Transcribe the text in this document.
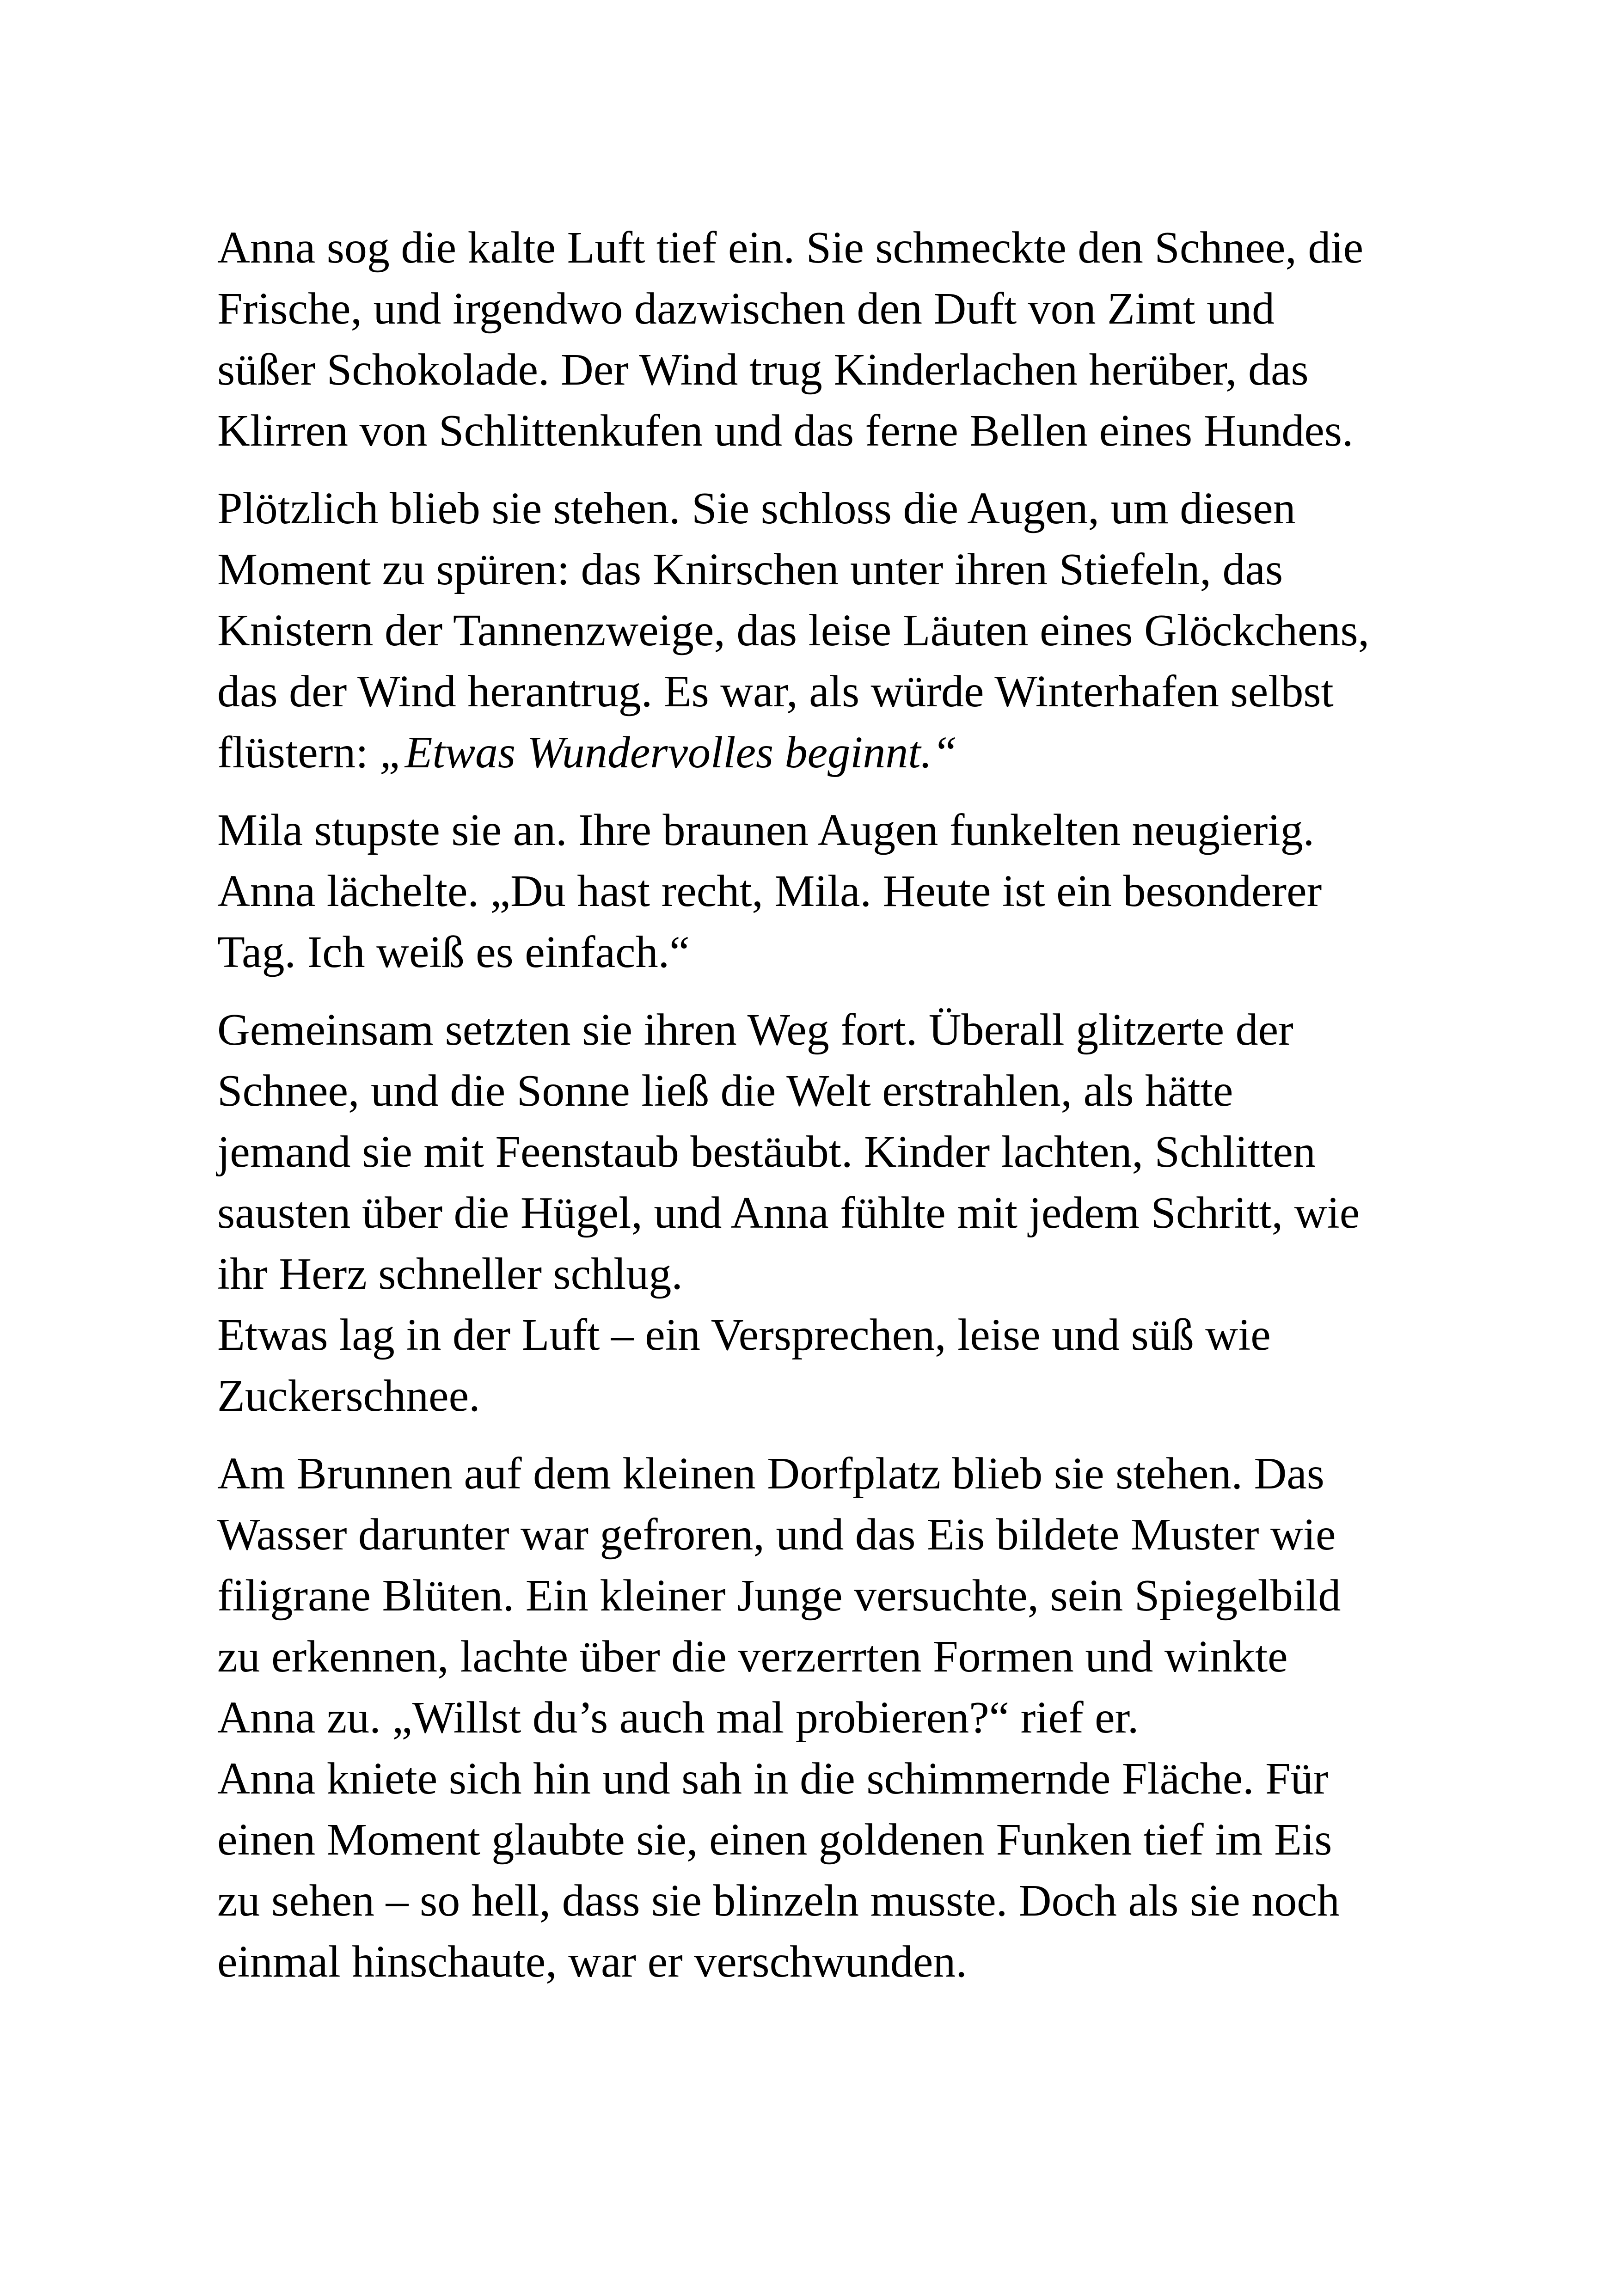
Anna sog die kalte Luft tief ein. Sie schmeckte den Schnee, die
Frische, und irgendwo dazwischen den Duft von Zimt und
süßer Schokolade. Der Wind trug Kinderlachen herüber, das
Klirren von Schlittenkufen und das ferne Bellen eines Hundes.

Plötzlich blieb sie stehen. Sie schloss die Augen, um diesen
Moment zu spüren: das Knirschen unter ihren Stiefeln, das
Knistern der Tannenzweige, das leise Läuten eines Glöckchens,
das der Wind herantrug. Es war, als würde Winterhafen selbst
flüstern: „Etwas Wundervolles beginnt.“

Mila stupste sie an. Ihre braunen Augen funkelten neugierig.
Anna lächelte. „Du hast recht, Mila. Heute ist ein besonderer
Tag. Ich weiß es einfach.“

Gemeinsam setzten sie ihren Weg fort. Überall glitzerte der
Schnee, und die Sonne ließ die Welt erstrahlen, als hätte
jemand sie mit Feenstaub bestäubt. Kinder lachten, Schlitten
sausten über die Hügel, und Anna fühlte mit jedem Schritt, wie
ihr Herz schneller schlug.
Etwas lag in der Luft – ein Versprechen, leise und süß wie
Zuckerschnee.

Am Brunnen auf dem kleinen Dorfplatz blieb sie stehen. Das
Wasser darunter war gefroren, und das Eis bildete Muster wie
filigrane Blüten. Ein kleiner Junge versuchte, sein Spiegelbild
zu erkennen, lachte über die verzerrten Formen und winkte
Anna zu. „Willst du’s auch mal probieren?“ rief er.
Anna kniete sich hin und sah in die schimmernde Fläche. Für
einen Moment glaubte sie, einen goldenen Funken tief im Eis
zu sehen – so hell, dass sie blinzeln musste. Doch als sie noch
einmal hinschaute, war er verschwunden.
